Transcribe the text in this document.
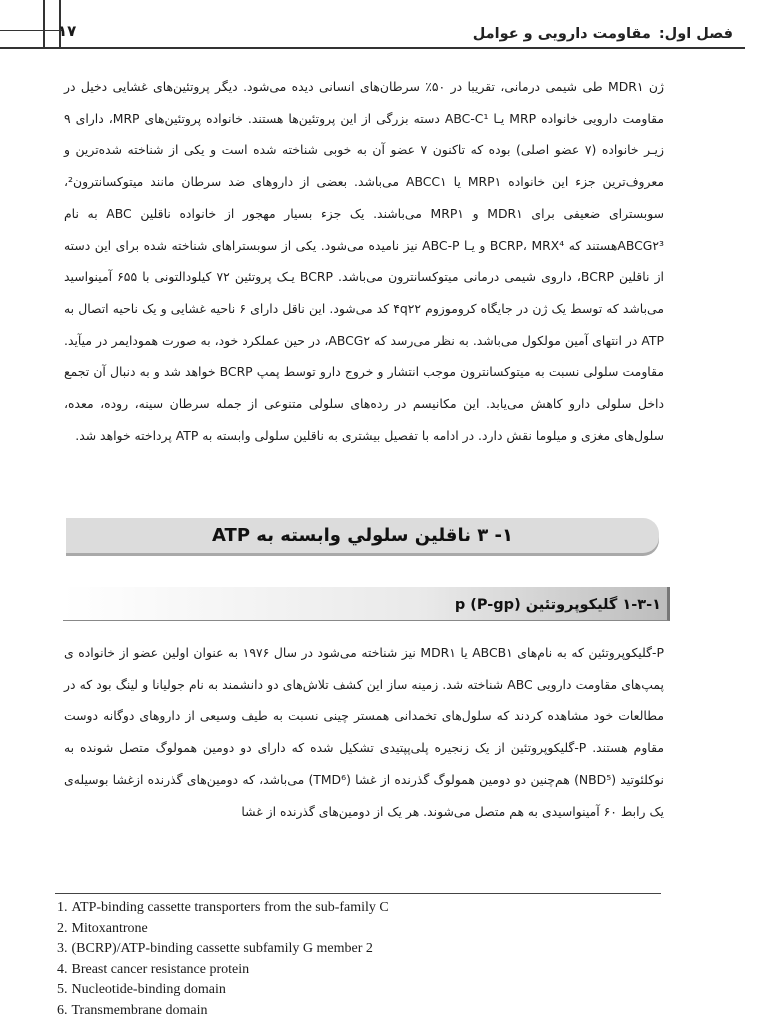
۱۷	فصل اول:
مقاومت دارویی و عوامل
ژن MDR۱ طی شیمی درمانی، تقریبا در ۵۰٪ سرطان‌های انسانی دیده می‌شود. دیگر پروتئین‌های غشایی دخیل در مقاومت دارویی خانواده MRP یـا ABC-C¹ دسته بزرگی از این پروتئین‌ها هستند. خانواده پروتئین‌های MRP، دارای ۹ زیـر خانواده (۷ عضو اصلی) بوده که تاکنون ۷ عضو آن به خوبی شناخته شده است و یکی از شناخته شده‌ترین و معروف‌ترین جزء این خانواده MRP۱ یا ABCC۱ می‌باشد. بعضی از داروهای ضد سرطان مانند میتوکسانترون²، سوبسترای ضعیفی برای MDR۱ و MRP۱ می‌باشند. یک جزء بسیار مهجور از خانواده ناقلین ABC به نام ABCG۲³هستند که BCRP، MRX⁴ و یـا ABC-P نیز نامیده می‌شود. یکی از سوبستراهای شناخته شده برای این دسته از ناقلین BCRP، داروی شیمی درمانی میتوکسانترون می‌باشد. BCRP یـک پروتئین ۷۲ کیلودالتونی با ۶۵۵ آمینواسید می‌باشد که توسط یک ژن در جایگاه کروموزوم ۴q۲۲ کد می‌شود. این ناقل دارای ۶ ناحیه غشایی و یک ناحیه اتصال به ATP در انتهای آمین مولکول می‌باشد. به نظر می‌رسد که ABCG۲، در حین عملکرد خود، به صورت همودایمر در میآید. مقاومت سلولی نسبت به میتوکسانترون موجب انتشار و خروج دارو توسط پمپ BCRP خواهد شد و به دنبال آن تجمع داخل سلولی دارو کاهش می‌یابد. این مکانیسم در رده‌های سلولی متنوعی از جمله سرطان سینه، روده، معده، سلول‌های مغزی و میلوما نقش دارد. در ادامه با تفصیل بیشتری به ناقلین سلولی وابسته به ATP پرداخته خواهد شد.
۱- ۳ ناقلین سلولي وابسته به ATP
۱-۳-۱ گلیکوپروتئین p (P-gp)
P-گلیکوپروتئین که به نام‌های ABCB۱ یا MDR۱ نیز شناخته می‌شود در سال ۱۹۷۶ به عنوان اولین عضو از خانواده ی پمپ‌های مقاومت دارویی ABC شناخته شد. زمینه ساز این کشف تلاش‌های دو دانشمند به نام جولیانا و لینگ بود که در مطالعات خود مشاهده کردند که سلول‌های تخمدانی همستر چینی نسبت به طیف وسیعی از داروهای دوگانه دوست مقاوم هستند. P-گلیکوپروتئین از یک زنجیره پلی‌پپتیدی تشکیل شده که دارای دو دومین همولوگ متصل شونده به نوکلئوتید (NBD⁵) هم‌چنین دو دومین همولوگ گذرنده از غشا (TMD⁶) می‌باشد، که دومین‌های گذرنده ازغشا بوسیله‌ی یک رابط ۶۰ آمینواسیدی به هم متصل می‌شوند. هر یک از دومین‌های گذرنده از غشا
1. ATP-binding cassette transporters from the sub-family C
2. Mitoxantrone
3. (BCRP)/ATP-binding cassette subfamily G member 2
4. Breast cancer resistance protein
5. Nucleotide-binding domain
6. Transmembrane domain
